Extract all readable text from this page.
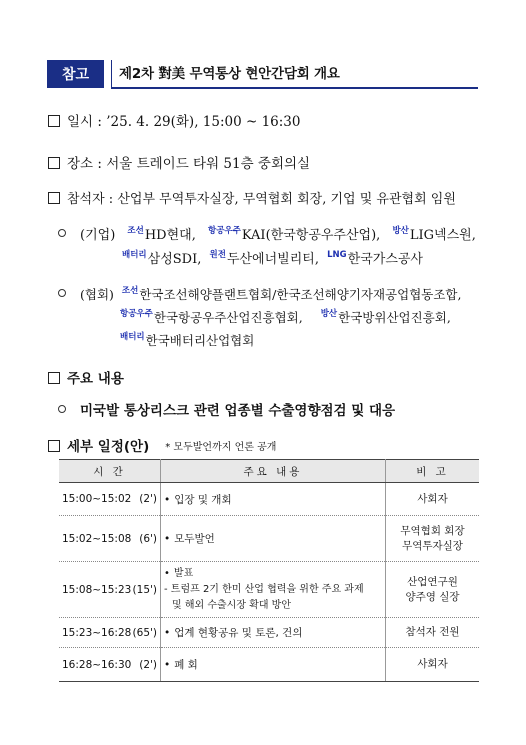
참고	제2차 對美 무역통상 현안간담회 개요
일시 : ’25. 4. 29(화), 15:00 ~ 16:30
장소 : 서울 트레이드 타워 51층 중회의실
참석자 : 산업부 무역투자실장, 무역협회 회장, 기업 및 유관협회 임원
(기업) $^{조선}$HD현대, $^{항공우주}$KAI(한국항공우주산업), $^{방산}$LIG넥스원,
$^{배터리}$삼성SDI, $^{원전}$두산에너빌리티, $^{LNG}$한국가스공사
(협회) $^{조선}$한국조선해양플랜트협회/한국조선해양기자재공업협동조합,
$^{항공우주}$한국항공우주산업진흥협회, $^{방산}$한국방위산업진흥회,
$^{배터리}$한국배터리산업협회
주요 내용
미국발 통상리스크 관련 업종별 수출영향점검 및 대응
세부 일정(안) * 모두발언까지 언론 공개
시 간	주요 내용	비 고
15:00~15:02 (2')	• 입장 및 개회	사회자
15:02~15:08 (6')	• 모두발언	무역협회 회장
무역투자실장
15:08~15:23 (15')	• 발표
- 트럼프 2기 한미 산업 협력을 위한 주요 과제
및 해외 수출시장 확대 방안	산업연구원
양주영 실장
15:23~16:28 (65')	• 업계 현황공유 및 토론, 건의	참석자 전원
16:28~16:30 (2')	• 폐 회	사회자
